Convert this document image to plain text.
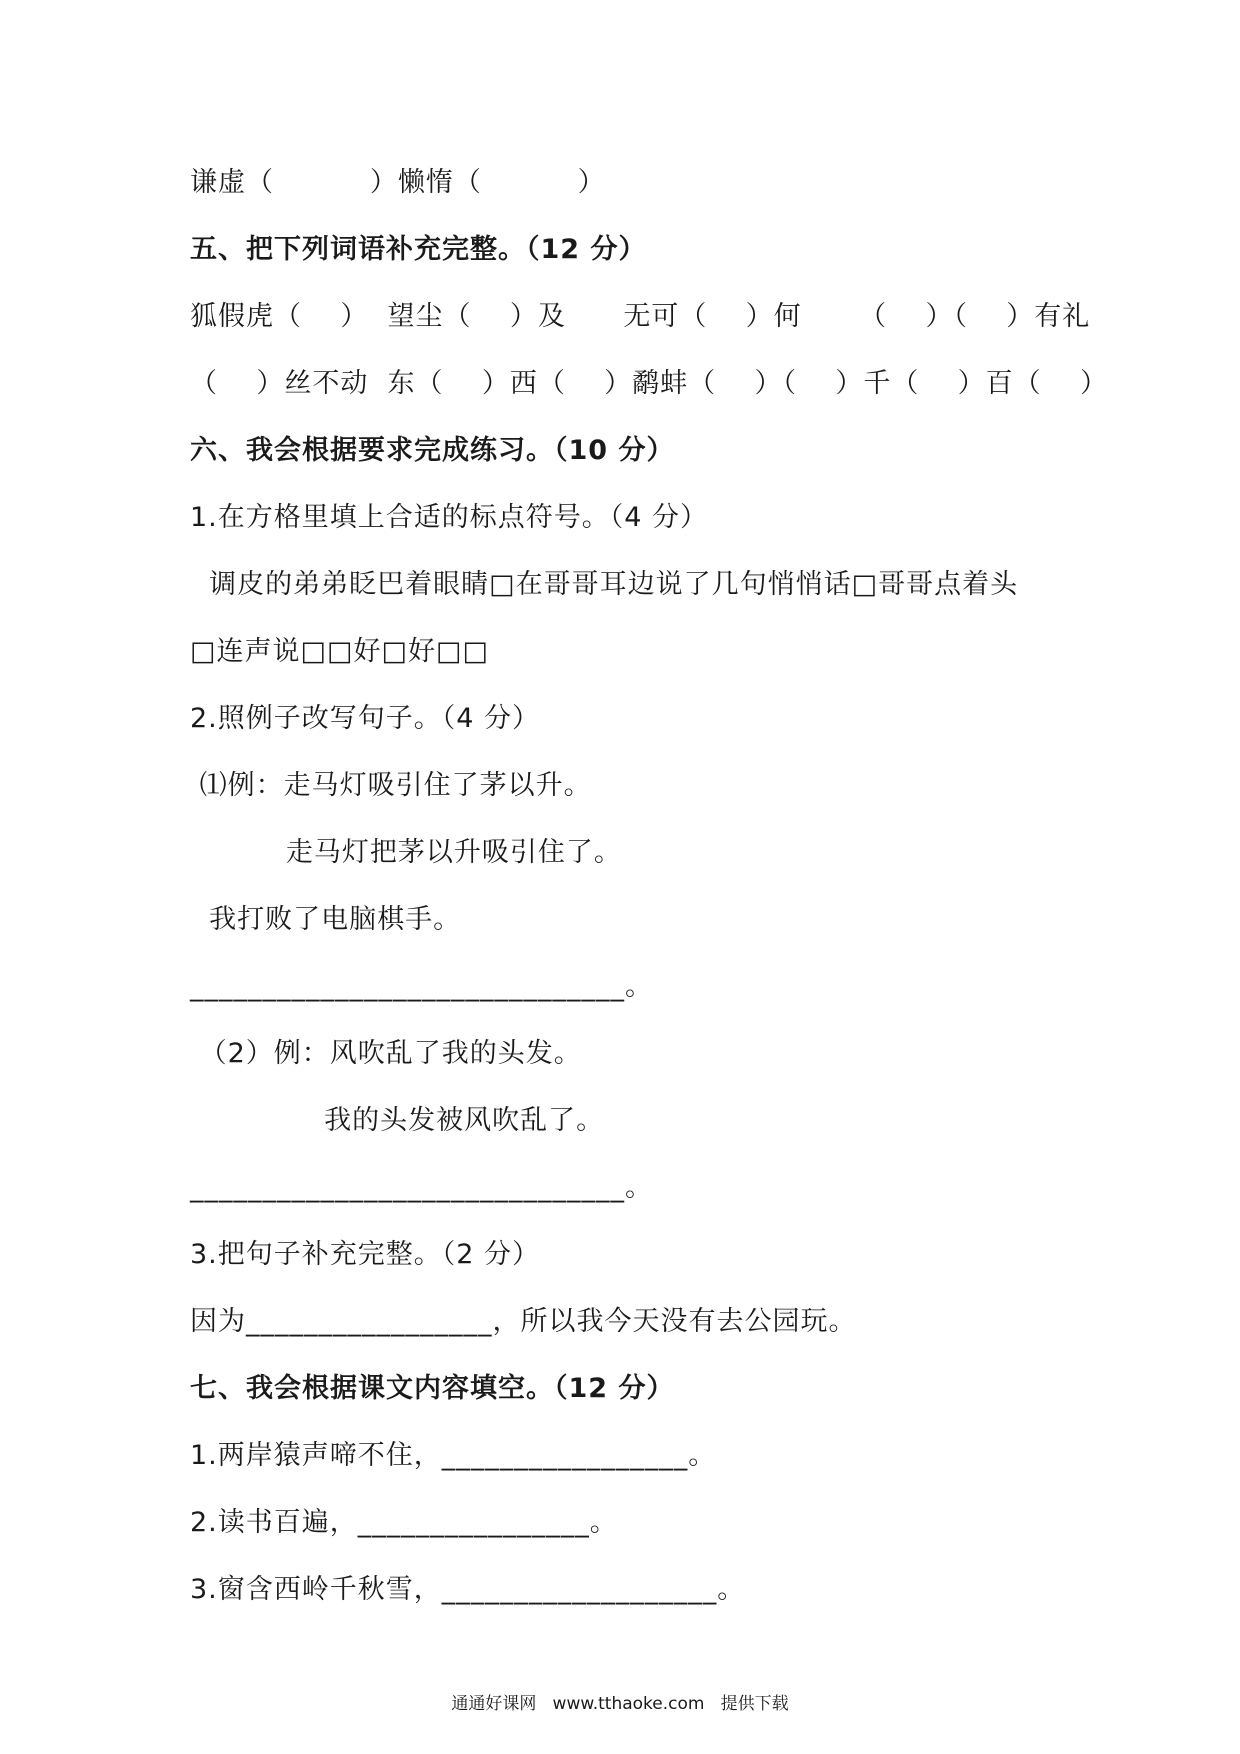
谦虚（          ）懒惰（          ）
五、把下列词语补充完整。（12 分）
狐假虎（    ）  望尘（    ）及      无可（    ）何      （    ）（    ）有礼
（    ）丝不动  东（    ）西（    ）鹬蚌（    ）（    ）千（    ）百（    ）
六、我会根据要求完成练习。（10 分）
1.在方格里填上合适的标点符号。（4 分）
调皮的弟弟眨巴着眼睛□在哥哥耳边说了几句悄悄话□哥哥点着头
□连声说□□好□好□□
2.照例子改写句子。（4 分）
⑴例：走马灯吸引住了茅以升。
走马灯把茅以升吸引住了。
我打败了电脑棋手。
______________________________。
（2）例：风吹乱了我的头发。
我的头发被风吹乱了。
______________________________。
3.把句子补充完整。（2 分）
因为_________________，所以我今天没有去公园玩。
七、我会根据课文内容填空。（12 分）
1.两岸猿声啼不住，_________________。
2.读书百遍，________________。
3.窗含西岭千秋雪，___________________。
通通好课网   www.tthaoke.com   提供下载
